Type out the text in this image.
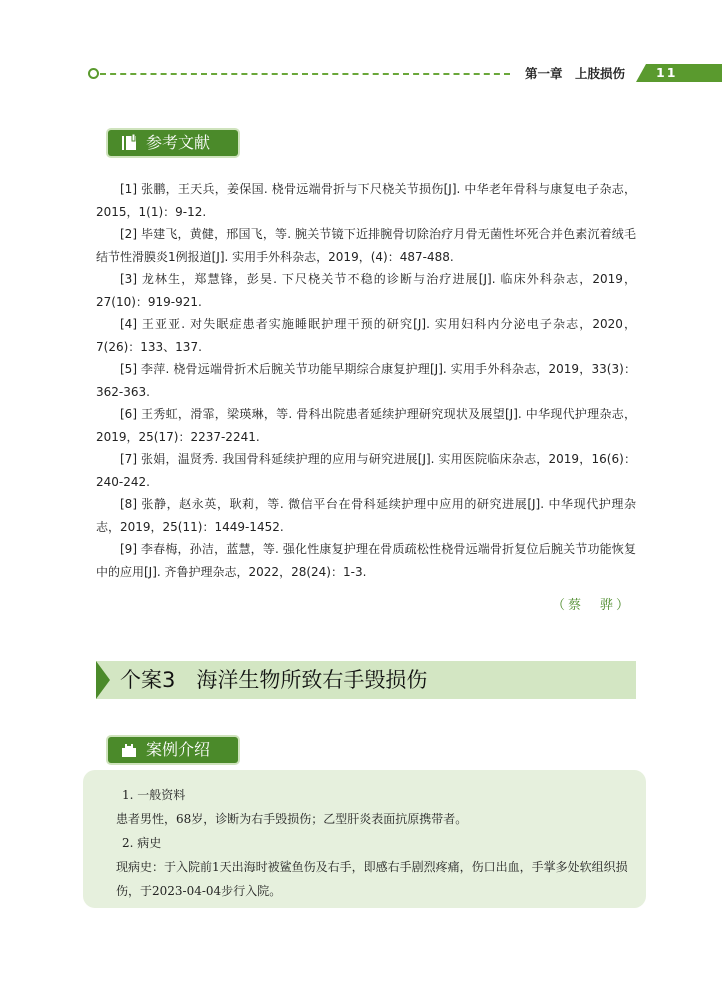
第一章　上肢损伤 11
参考文献

[1] 张鹏，王天兵，姜保国. 桡骨远端骨折与下尺桡关节损伤[J]. 中华老年骨科与康复电子杂志，2015，1(1)：9-12.

[2] 毕建飞，黄健，邢国飞，等. 腕关节镜下近排腕骨切除治疗月骨无菌性坏死合并色素沉着绒毛结节性滑膜炎1例报道[J]. 实用手外科杂志，2019，(4)：487-488.

[3] 龙林生，郑慧锋，彭昊. 下尺桡关节不稳的诊断与治疗进展[J]. 临床外科杂志，2019，27(10)：919-921.

[4] 王亚亚. 对失眠症患者实施睡眠护理干预的研究[J]. 实用妇科内分泌电子杂志，2020，7(26)：133、137.

[5] 李萍. 桡骨远端骨折术后腕关节功能早期综合康复护理[J]. 实用手外科杂志，2019，33(3)：362-363.

[6] 王秀虹，滑霏，梁瑛琳，等. 骨科出院患者延续护理研究现状及展望[J]. 中华现代护理杂志，2019，25(17)：2237-2241.

[7] 张娟，温贤秀. 我国骨科延续护理的应用与研究进展[J]. 实用医院临床杂志，2019，16(6)：240-242.

[8] 张静，赵永英，耿莉，等. 微信平台在骨科延续护理中应用的研究进展[J]. 中华现代护理杂志，2019，25(11)：1449-1452.

[9] 李春梅，孙洁，蓝慧，等. 强化性康复护理在骨质疏松性桡骨远端骨折复位后腕关节功能恢复中的应用[J]. 齐鲁护理杂志，2022，28(24)：1-3.

（蔡　骅）
个案3　海洋生物所致右手毁损伤
案例介绍

1. 一般资料

患者男性，68岁，诊断为右手毁损伤；乙型肝炎表面抗原携带者。

2. 病史

现病史：于入院前1天出海时被鲨鱼伤及右手，即感右手剧烈疼痛，伤口出血，手掌多处软组织损伤，于2023-04-04步行入院。
